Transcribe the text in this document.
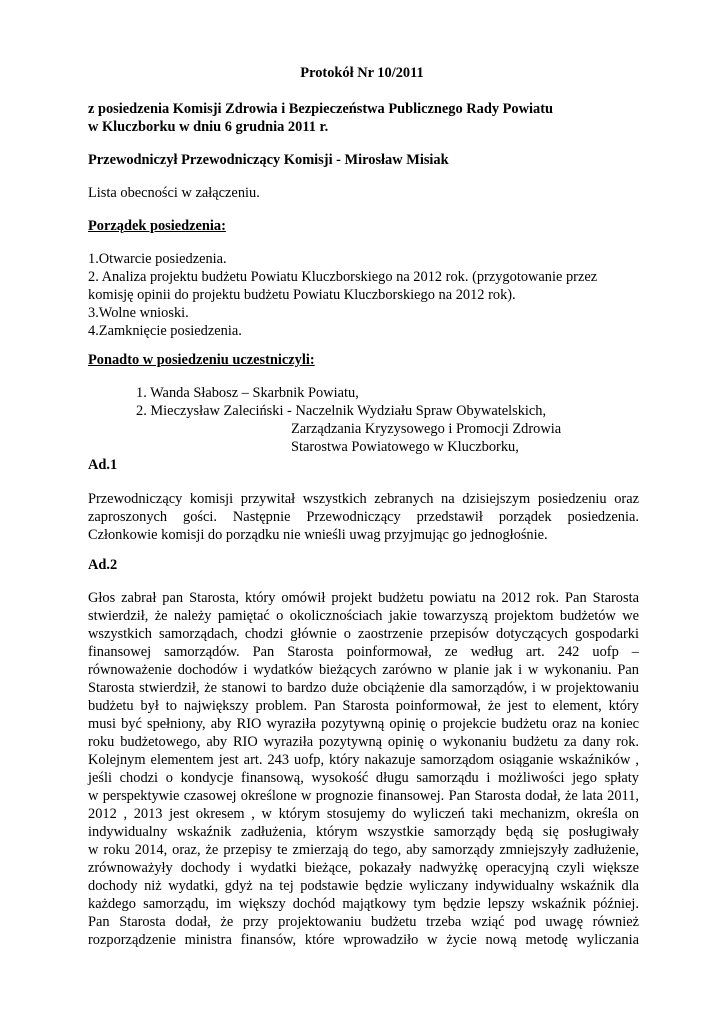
Protokół Nr 10/2011
z posiedzenia Komisji Zdrowia i Bezpieczeństwa Publicznego Rady Powiatu
w Kluczborku w dniu 6 grudnia 2011 r.
Przewodniczył Przewodniczący Komisji - Mirosław Misiak
Lista obecności w załączeniu.
Porządek posiedzenia:
1.Otwarcie posiedzenia.
2. Analiza projektu budżetu Powiatu Kluczborskiego na 2012 rok. (przygotowanie przez
komisję opinii do projektu budżetu Powiatu Kluczborskiego na 2012 rok).
3.Wolne wnioski.
4.Zamknięcie posiedzenia.
Ponadto w posiedzeniu uczestniczyli:
1. Wanda Słabosz – Skarbnik Powiatu,
2. Mieczysław Zaleciński - Naczelnik Wydziału Spraw Obywatelskich,
Zarządzania Kryzysowego i Promocji Zdrowia
Starostwa Powiatowego w Kluczborku,
Ad.1
Przewodniczący komisji przywitał wszystkich zebranych na dzisiejszym posiedzeniu oraz
zaproszonych gości. Następnie Przewodniczący przedstawił porządek posiedzenia.
Członkowie komisji do porządku nie wnieśli uwag przyjmując go jednogłośnie.
Ad.2
Głos zabrał pan Starosta, który omówił projekt budżetu powiatu na 2012 rok. Pan Starosta
stwierdził, że należy pamiętać o okolicznościach jakie towarzyszą projektom budżetów we
wszystkich samorządach, chodzi głównie o zaostrzenie przepisów dotyczących gospodarki
finansowej samorządów. Pan Starosta poinformował, ze według art. 242 uofp –
równoważenie dochodów i wydatków bieżących zarówno w planie jak i w wykonaniu. Pan
Starosta stwierdził, że stanowi to bardzo duże obciążenie dla samorządów, i w projektowaniu
budżetu był to największy problem. Pan Starosta poinformował, że jest to element, który
musi być spełniony, aby RIO wyraziła pozytywną opinię o projekcie budżetu oraz na koniec
roku budżetowego, aby RIO wyraziła pozytywną opinię o wykonaniu budżetu za dany rok.
Kolejnym elementem jest art. 243 uofp, który nakazuje samorządom osiąganie wskaźników ,
jeśli chodzi o kondycje finansową, wysokość długu samorządu i możliwości jego spłaty
w perspektywie czasowej określone w prognozie finansowej. Pan Starosta dodał, że lata 2011,
2012 , 2013 jest okresem , w którym stosujemy do wyliczeń taki mechanizm, określa on
indywidualny wskaźnik zadłużenia, którym wszystkie samorządy będą się posługiwały
w roku 2014, oraz, że przepisy te zmierzają do tego, aby samorządy zmniejszyły zadłużenie,
zrównoważyły dochody i wydatki bieżące, pokazały nadwyżkę operacyjną czyli większe
dochody niż wydatki, gdyż na tej podstawie będzie wyliczany indywidualny wskaźnik dla
każdego samorządu, im większy dochód majątkowy tym będzie lepszy wskaźnik później.
Pan Starosta dodał, że przy projektowaniu budżetu trzeba wziąć pod uwagę również
rozporządzenie ministra finansów, które wprowadziło w życie nową metodę wyliczania
